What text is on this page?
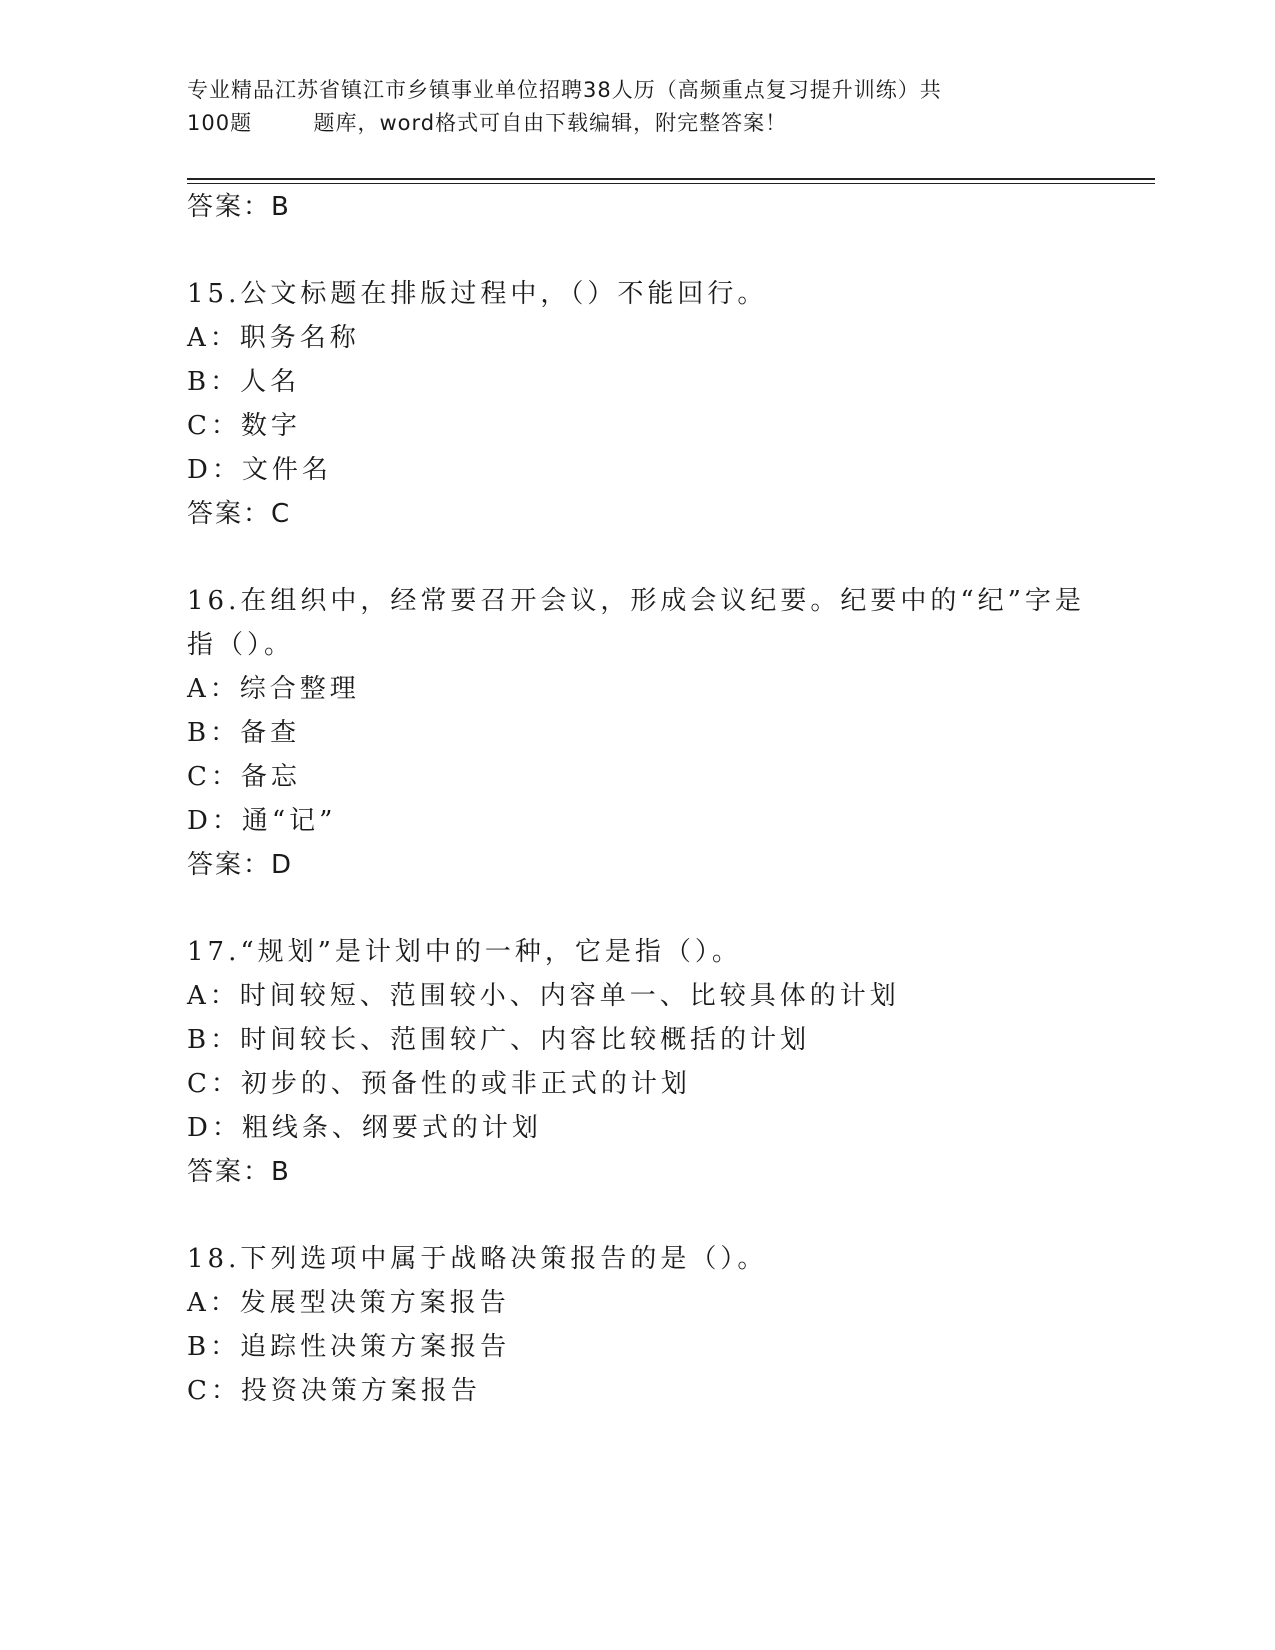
专业精品江苏省镇江市乡镇事业单位招聘38人历（高频重点复习提升训练）共
100题        题库，word格式可自由下载编辑，附完整答案！
答案：B
15.公文标题在排版过程中，（）不能回行。
A：职务名称
B：人名
C：数字
D：文件名
答案：C
16.在组织中，经常要召开会议，形成会议纪要。纪要中的“纪”字是
指（）。
A：综合整理
B：备查
C：备忘
D：通“记”
答案：D
17.“规划”是计划中的一种，它是指（）。
A：时间较短、范围较小、内容单一、比较具体的计划
B：时间较长、范围较广、内容比较概括的计划
C：初步的、预备性的或非正式的计划
D：粗线条、纲要式的计划
答案：B
18.下列选项中属于战略决策报告的是（）。
A：发展型决策方案报告
B：追踪性决策方案报告
C：投资决策方案报告
